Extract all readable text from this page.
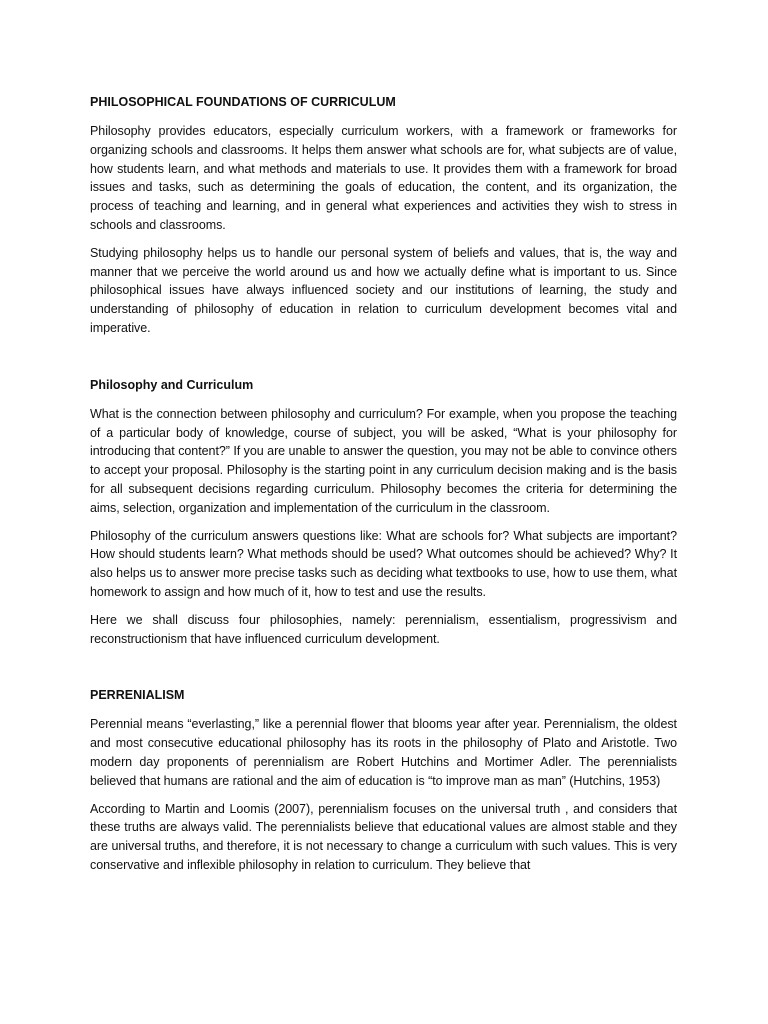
PHILOSOPHICAL FOUNDATIONS OF CURRICULUM

Philosophy provides educators, especially curriculum workers, with a framework or frameworks for organizing schools and classrooms. It helps them answer what schools are for, what subjects are of value, how students learn, and what methods and materials to use. It provides them with a framework for broad issues and tasks, such as determining the goals of education, the content, and its organization, the process of teaching and learning, and in general what experiences and activities they wish to stress in schools and classrooms.

Studying philosophy helps us to handle our personal system of beliefs and values, that is, the way and manner that we perceive the world around us and how we actually define what is important to us. Since philosophical issues have always influenced society and our institutions of learning, the study and understanding of philosophy of education in relation to curriculum development becomes vital and imperative.

Philosophy and Curriculum

What is the connection between philosophy and curriculum? For example, when you propose the teaching of a particular body of knowledge, course of subject, you will be asked, “What is your philosophy for introducing that content?” If you are unable to answer the question, you may not be able to convince others to accept your proposal. Philosophy is the starting point in any curriculum decision making and is the basis for all subsequent decisions regarding curriculum. Philosophy becomes the criteria for determining the aims, selection, organization and implementation of the curriculum in the classroom.

Philosophy of the curriculum answers questions like: What are schools for? What subjects are important? How should students learn? What methods should be used? What outcomes should be achieved? Why? It also helps us to answer more precise tasks such as deciding what textbooks to use, how to use them, what homework to assign and how much of it, how to test and use the results.

Here we shall discuss four philosophies, namely: perennialism, essentialism, progressivism and reconstructionism that have influenced curriculum development.

PERRENIALISM

Perennial means “everlasting,” like a perennial flower that blooms year after year. Perennialism, the oldest and most consecutive educational philosophy has its roots in the philosophy of Plato and Aristotle. Two modern day proponents of perennialism are Robert Hutchins and Mortimer Adler. The perennialists believed that humans are rational and the aim of education is “to improve man as man” (Hutchins, 1953)

According to Martin and Loomis (2007), perennialism focuses on the universal truth , and considers that these truths are always valid. The perennialists believe that educational values are almost stable and they are universal truths, and therefore, it is not necessary to change a curriculum with such values. This is very conservative and inflexible philosophy in relation to curriculum. They believe that
